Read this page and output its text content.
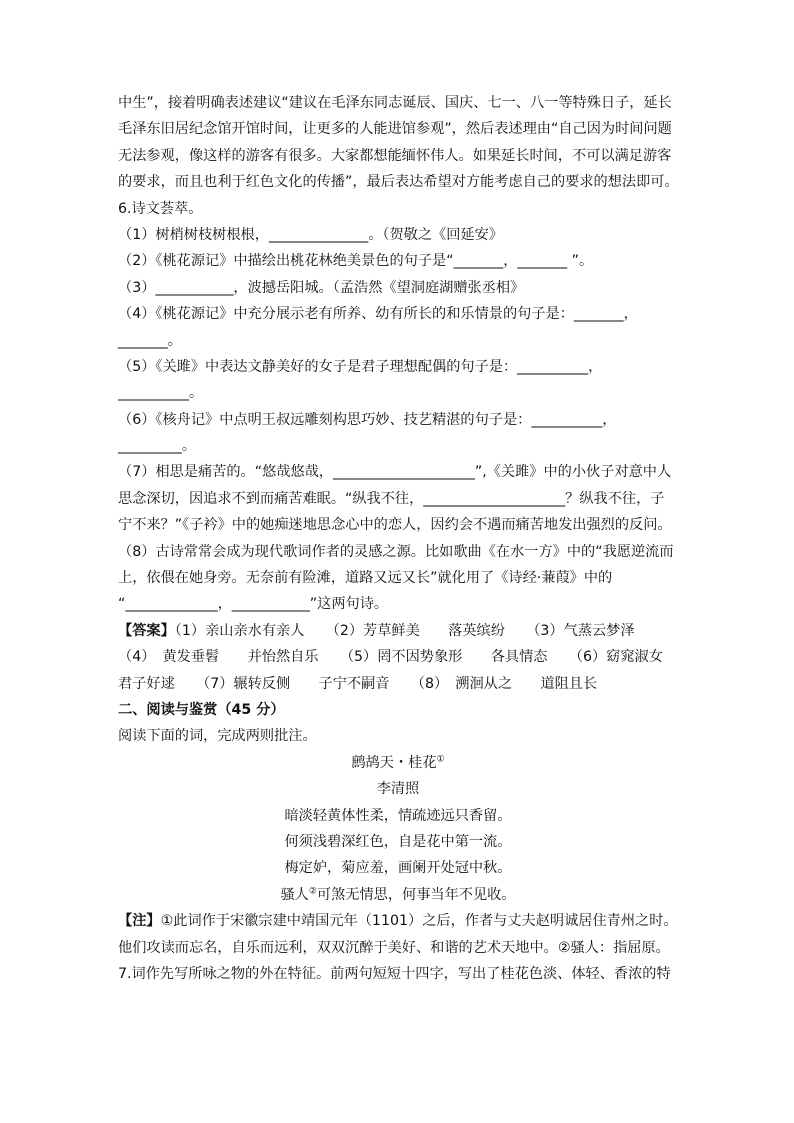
中生”，接着明确表述建议“建议在毛泽东同志诞辰、国庆、七一、八一等特殊日子，延长
毛泽东旧居纪念馆开馆时间，让更多的人能进馆参观”，然后表述理由“自己因为时间问题
无法参观，像这样的游客有很多。大家都想能缅怀伟人。如果延长时间，不可以满足游客
的要求，而且也利于红色文化的传播”，最后表达希望对方能考虑自己的要求的想法即可。
6.诗文荟萃。
（1）树梢树枝树根根，______________。（贺敬之《回延安》
（2）《桃花源记》中描绘出桃花林绝美景色的句子是“_______，_______ ”。
（3）___________，波撼岳阳城。（孟浩然《望洞庭湖赠张丞相》
（4）《桃花源记》中充分展示老有所养、幼有所长的和乐情景的句子是：_______，
_______。
（5）《关雎》中表达文静美好的女子是君子理想配偶的句子是：__________，
__________。
（6）《核舟记》中点明王叔远雕刻构思巧妙、技艺精湛的句子是：__________，
_________。
（7）相思是痛苦的。“悠哉悠哉，____________________”,《关雎》中的小伙子对意中人
思念深切，因追求不到而痛苦难眠。“纵我不往，____________________？纵我不往，子
宁不来？”《子衿》中的她痴迷地思念心中的恋人，因约会不遇而痛苦地发出强烈的反问。
（8）古诗常常会成为现代歌词作者的灵感之源。比如歌曲《在水一方》中的“我愿逆流而
上，依偎在她身旁。无奈前有险滩，道路又远又长”就化用了《诗经·蒹葭》中的
“_____________，___________”这两句诗。
【答案】（1）亲山亲水有亲人　　（2）芳草鲜美　　落英缤纷　　（3）气蒸云梦泽
（4）　黄发垂髫　　并怡然自乐　　（5）罔不因势象形　　各具情态　　（6）窈窕淑女
君子好逑　　（7）辗转反侧　　子宁不嗣音　　（8）　溯洄从之　　道阻且长
二、阅读与鉴赏（45 分）
阅读下面的词，完成两则批注。
鹧鸪天・桂花①
李清照
暗淡轻黄体性柔，情疏迹远只香留。
何须浅碧深红色，自是花中第一流。
梅定妒，菊应羞，画阑开处冠中秋。
骚人②可煞无情思，何事当年不见收。
【注】①此词作于宋徽宗建中靖国元年（1101）之后，作者与丈夫赵明诚居住青州之时。
他们攻读而忘名，自乐而远利，双双沉醉于美好、和谐的艺术天地中。②骚人：指屈原。
7.词作先写所咏之物的外在特征。前两句短短十四字，写出了桂花色淡、体轻、香浓的特
